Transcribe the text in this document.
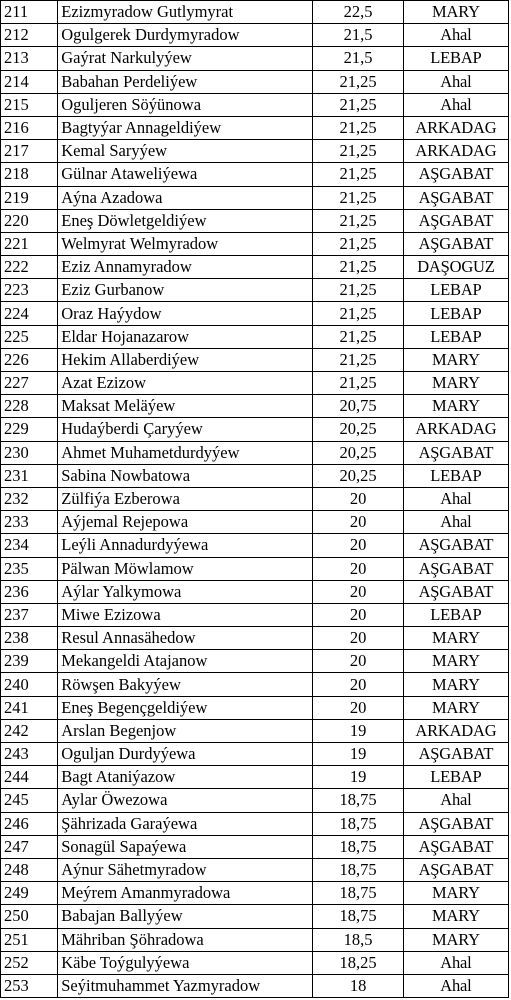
211	Ezizmyradow Gutlymyrat	22,5	MARY
212	Ogulgerek Durdymyradow	21,5	Ahal
213	Gaýrat Narkulyýew	21,5	LEBAP
214	Babahan Perdeliýew	21,25	Ahal
215	Oguljeren Söýünowa	21,25	Ahal
216	Bagtyýar Annageldiýew	21,25	ARKADAG
217	Kemal Saryýew	21,25	ARKADAG
218	Gülnar Ataweliýewa	21,25	AŞGABAT
219	Aýna Azadowa	21,25	AŞGABAT
220	Eneş Döwletgeldiýew	21,25	AŞGABAT
221	Welmyrat Welmyradow	21,25	AŞGABAT
222	Eziz Annamyradow	21,25	DAŞOGUZ
223	Eziz Gurbanow	21,25	LEBAP
224	Oraz Haýydow	21,25	LEBAP
225	Eldar Hojanazarow	21,25	LEBAP
226	Hekim Allaberdiýew	21,25	MARY
227	Azat Ezizow	21,25	MARY
228	Maksat Meläýew	20,75	MARY
229	Hudaýberdi Çaryýew	20,25	ARKADAG
230	Ahmet Muhametdurdyýew	20,25	AŞGABAT
231	Sabina Nowbatowa	20,25	LEBAP
232	Zülfiýa Ezberowa	20	Ahal
233	Aýjemal Rejepowa	20	Ahal
234	Leýli Annadurdyýewa	20	AŞGABAT
235	Pälwan Möwlamow	20	AŞGABAT
236	Aýlar Yalkymowa	20	AŞGABAT
237	Miwe Ezizowa	20	LEBAP
238	Resul Annasähedow	20	MARY
239	Mekangeldi Atajanow	20	MARY
240	Röwşen Bakyýew	20	MARY
241	Eneş Begençgeldiýew	20	MARY
242	Arslan Begenjow	19	ARKADAG
243	Oguljan Durdyýewa	19	AŞGABAT
244	Bagt Ataniýazow	19	LEBAP
245	Aylar Öwezowa	18,75	Ahal
246	Şährizada Garaýewa	18,75	AŞGABAT
247	Sonagül Sapaýewa	18,75	AŞGABAT
248	Aýnur Sähetmyradow	18,75	AŞGABAT
249	Meýrem Amanmyradowa	18,75	MARY
250	Babajan Ballyýew	18,75	MARY
251	Mähriban Şöhradowa	18,5	MARY
252	Käbe Toýgulyýewa	18,25	Ahal
253	Seýitmuhammet Yazmyradow	18	Ahal
